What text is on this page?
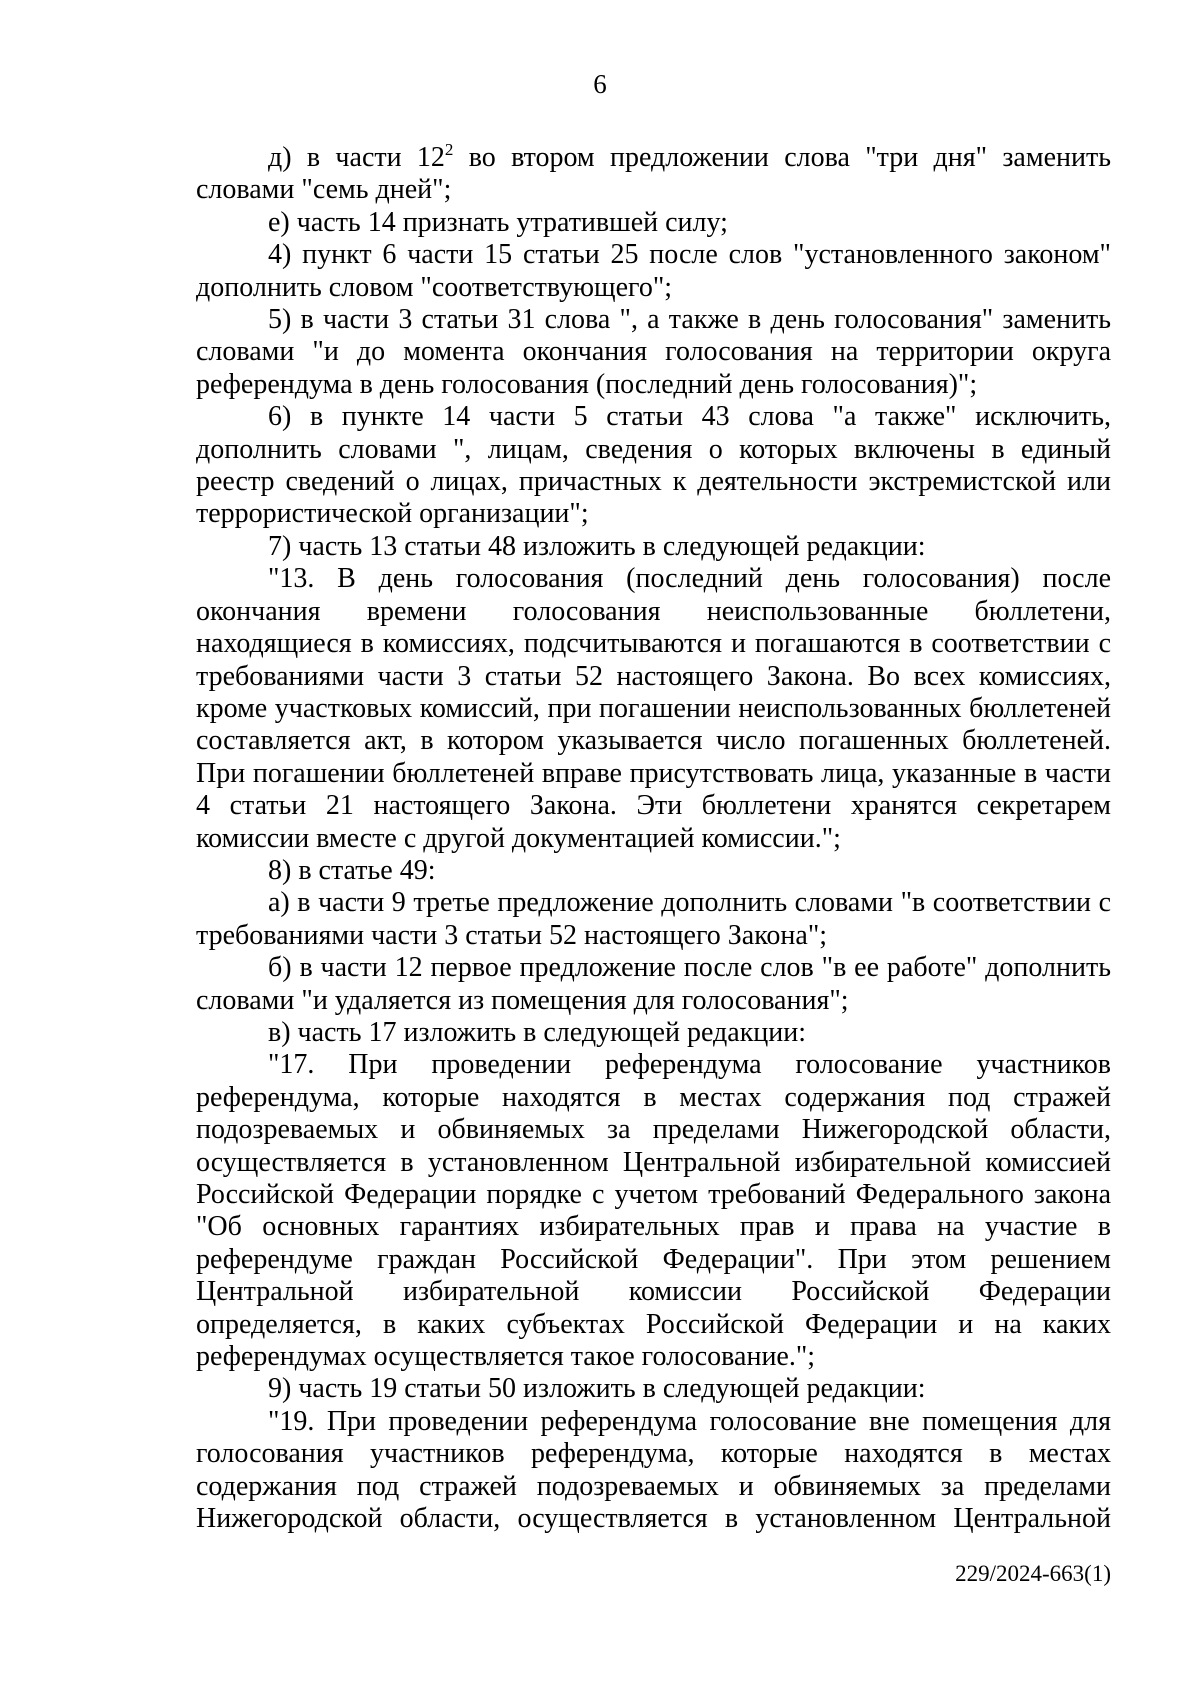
6

д) в части $12^2$ во втором предложении слова "три дня" заменить словами "семь дней";

е) часть 14 признать утратившей силу;

4) пункт 6 части 15 статьи 25 после слов "установленного законом" дополнить словом "соответствующего";

5) в части 3 статьи 31 слова ", а также в день голосования" заменить словами "и до момента окончания голосования на территории округа референдума в день голосования (последний день голосования)";

6) в пункте 14 части 5 статьи 43 слова "а также" исключить, дополнить словами ", лицам, сведения о которых включены в единый реестр сведений о лицах, причастных к деятельности экстремистской или террористической организации";

7) часть 13 статьи 48 изложить в следующей редакции:

"13. В день голосования (последний день голосования) после окончания времени голосования неиспользованные бюллетени, находящиеся в комиссиях, подсчитываются и погашаются в соответствии с требованиями части 3 статьи 52 настоящего Закона. Во всех комиссиях, кроме участковых комиссий, при погашении неиспользованных бюллетеней составляется акт, в котором указывается число погашенных бюллетеней. При погашении бюллетеней вправе присутствовать лица, указанные в части 4 статьи 21 настоящего Закона. Эти бюллетени хранятся секретарем комиссии вместе с другой документацией комиссии.";

8) в статье 49:

а) в части 9 третье предложение дополнить словами "в соответствии с требованиями части 3 статьи 52 настоящего Закона";

б) в части 12 первое предложение после слов "в ее работе" дополнить словами "и удаляется из помещения для голосования";

в) часть 17 изложить в следующей редакции:

"17. При проведении референдума голосование участников референдума, которые находятся в местах содержания под стражей подозреваемых и обвиняемых за пределами Нижегородской области, осуществляется в установленном Центральной избирательной комиссией Российской Федерации порядке с учетом требований Федерального закона "Об основных гарантиях избирательных прав и права на участие в референдуме граждан Российской Федерации". При этом решением Центральной избирательной комиссии Российской Федерации определяется, в каких субъектах Российской Федерации и на каких референдумах осуществляется такое голосование.";

9) часть 19 статьи 50 изложить в следующей редакции:

"19. При проведении референдума голосование вне помещения для голосования участников референдума, которые находятся в местах содержания под стражей подозреваемых и обвиняемых за пределами Нижегородской области, осуществляется в установленном Центральной

229/2024-663(1)
